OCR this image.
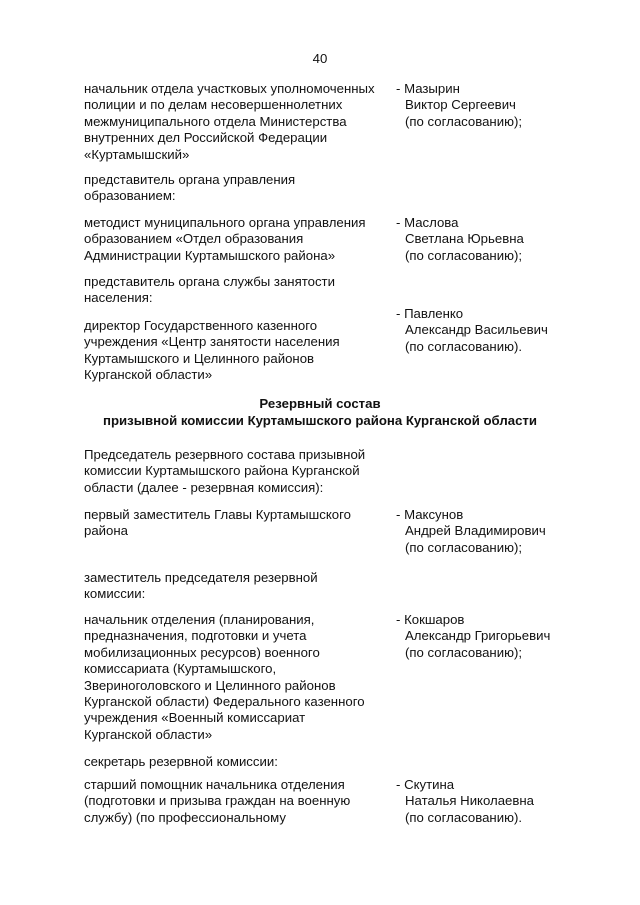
40
начальник отдела участковых уполномоченных
полиции и по делам несовершеннолетних
межмуниципального отдела Министерства
внутренних дел Российской Федерации
«Куртамышский»
- Мазырин
Виктор Сергеевич
(по согласованию);
представитель органа управления
образованием:
методист муниципального органа управления
образованием «Отдел образования
Администрации Куртамышского района»
- Маслова
Светлана Юрьевна
(по согласованию);
представитель органа службы занятости
населения:
директор Государственного казенного
учреждения «Центр занятости населения
Куртамышского и Целинного районов
Курганской области»
- Павленко
Александр Васильевич
(по согласованию).
Резервный состав
призывной комиссии Куртамышского района Курганской области
Председатель резервного состава призывной
комиссии Куртамышского района Курганской
области (далее - резервная комиссия):
первый заместитель Главы Куртамышского
района
- Максунов
Андрей Владимирович
(по согласованию);
заместитель председателя резервной
комиссии:
начальник отделения (планирования,
предназначения, подготовки и учета
мобилизационных ресурсов) военного
комиссариата (Куртамышского,
Звериноголовского и Целинного районов
Курганской области) Федерального казенного
учреждения «Военный комиссариат
Курганской области»
- Кокшаров
Александр Григорьевич
(по согласованию);
секретарь резервной комиссии:
старший помощник начальника отделения
(подготовки и призыва граждан на военную
службу) (по профессиональному
- Скутина
Наталья Николаевна
(по согласованию).
